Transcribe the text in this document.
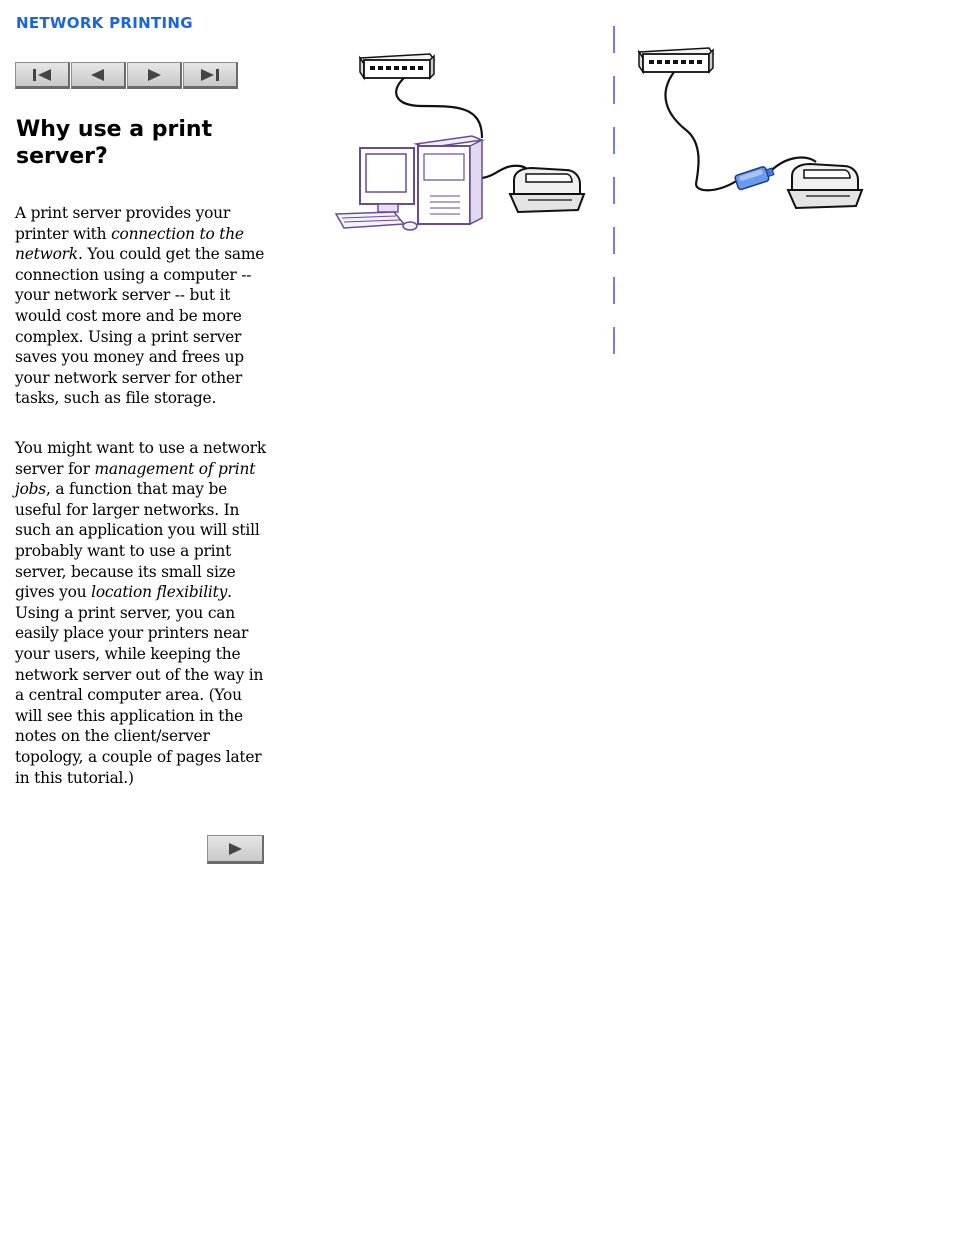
NETWORK PRINTING
Why use a print server?

A print server provides your printer with connection to the network. You could get the same connection using a computer -- your network server -- but it would cost more and be more complex. Using a print server saves you money and frees up your network server for other tasks, such as file storage.

You might want to use a network server for management of print jobs, a function that may be useful for larger networks. In such an application you will still probably want to use a print server, because its small size gives you location flexibility. Using a print server, you can easily place your printers near your users, while keeping the network server out of the way in a central computer area. (You will see this application in the notes on the client/server topology, a couple of pages later in this tutorial.)
